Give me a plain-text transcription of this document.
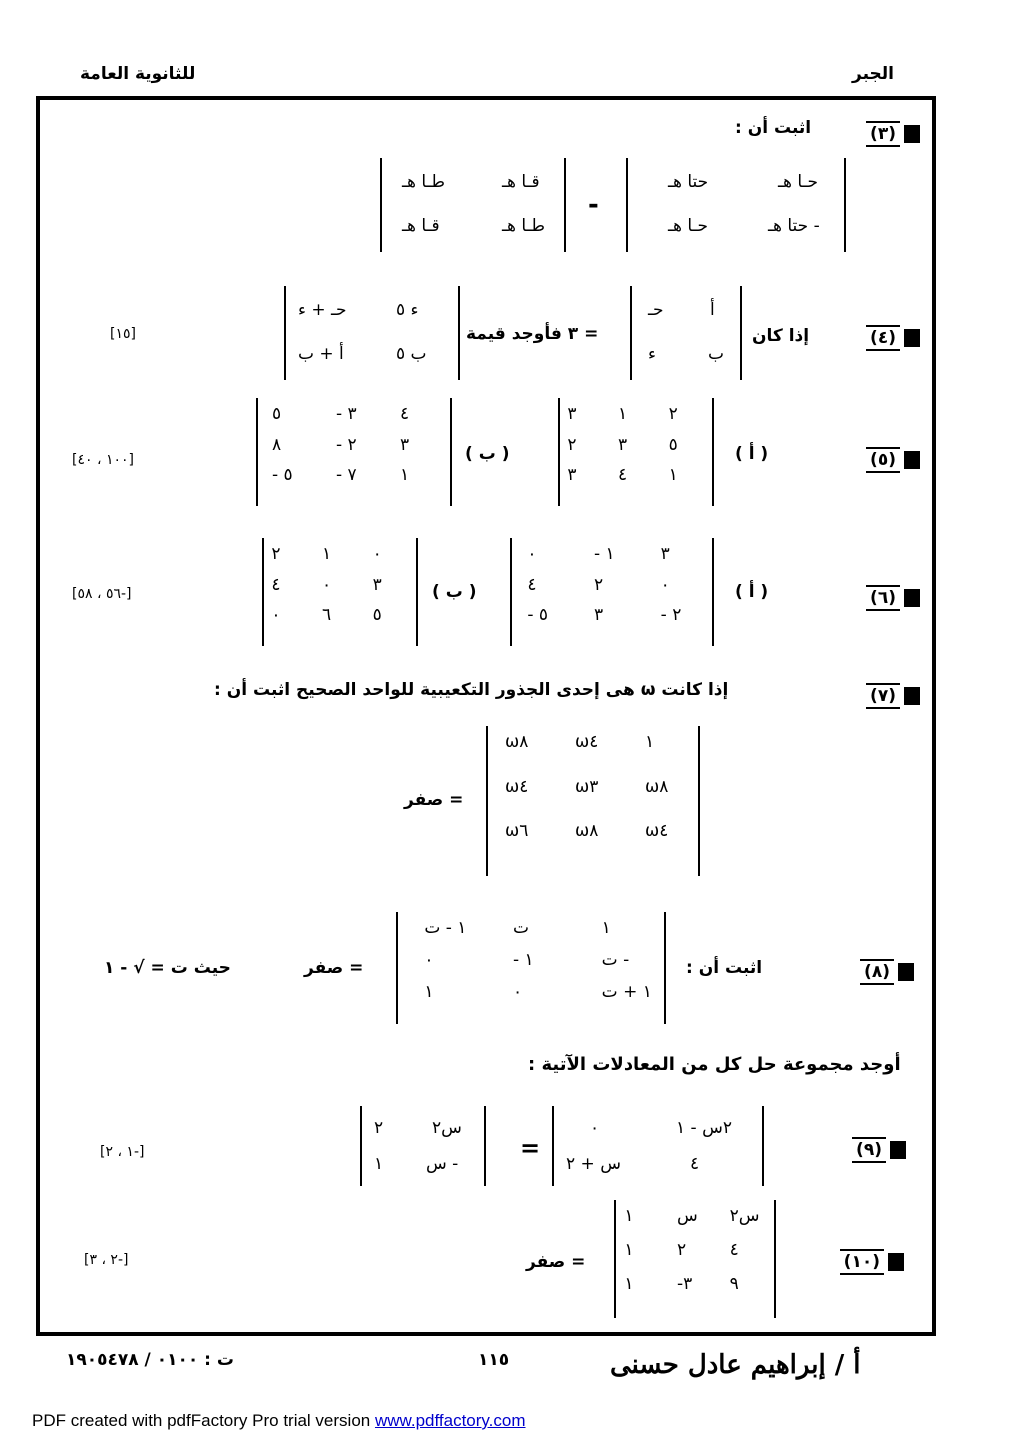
الجبر
للثانوية العامة
(٣)
اثبت أن :
حـا هـ
حتا هـ
- حتا هـ
حـا هـ
-
قـا هـ
طـا هـ
طـا هـ
قـا هـ
(٤)
إذا كان
أ
حـ
ب
ء
= ٣ فأوجد قيمة
ء ٥
حـ + ء
ب ٥
أ + ب
[١٥]
(٥)
( أ )
٢
١
٣
٥
٣
٢
١
٤
٣
( ب )
٤
٣ -
٥
٣
٢ -
٨
١
٧ -
٥ -
[١٠٠ ، ٤٠]
(٦)
( أ )
٣
١ -
٠
٠
٢
٤
٢ -
٣
٥ -
( ب )
٠
١
٢
٣
٠
٤
٥
٦
٠
[٥٦ ، ٥٨-]
(٧)
إذا كانت ω هى إحدى الجذور التكعيبية للواحد الصحيح اثبت أن :
١
ω٤
ω٨
ω٨
ω٣
ω٤
ω٤
ω٨
ω٦
= صفر
(٨)
اثبت أن :
١
ت
١ - ت
- ت
١ -
٠
١ + ت
٠
١
= صفر
حيث ت = √ - ١
أوجد مجموعة حل كل من المعادلات الآتية :
(٩)
٢س - ١
٠
٤
س + ٢
=
س٢
٢
- س
١
[١ ، ٢-]
(١٠)
س٢
س
١
٤
٢
١
٩
٣-
١
= صفر
[٢ ، ٣-]
أ / إبراهيم عادل حسنى
١١٥
ت : ٠١٠٠ / ١٩٠٥٤٧٨
PDF created with pdfFactory Pro trial version www.pdffactory.com
